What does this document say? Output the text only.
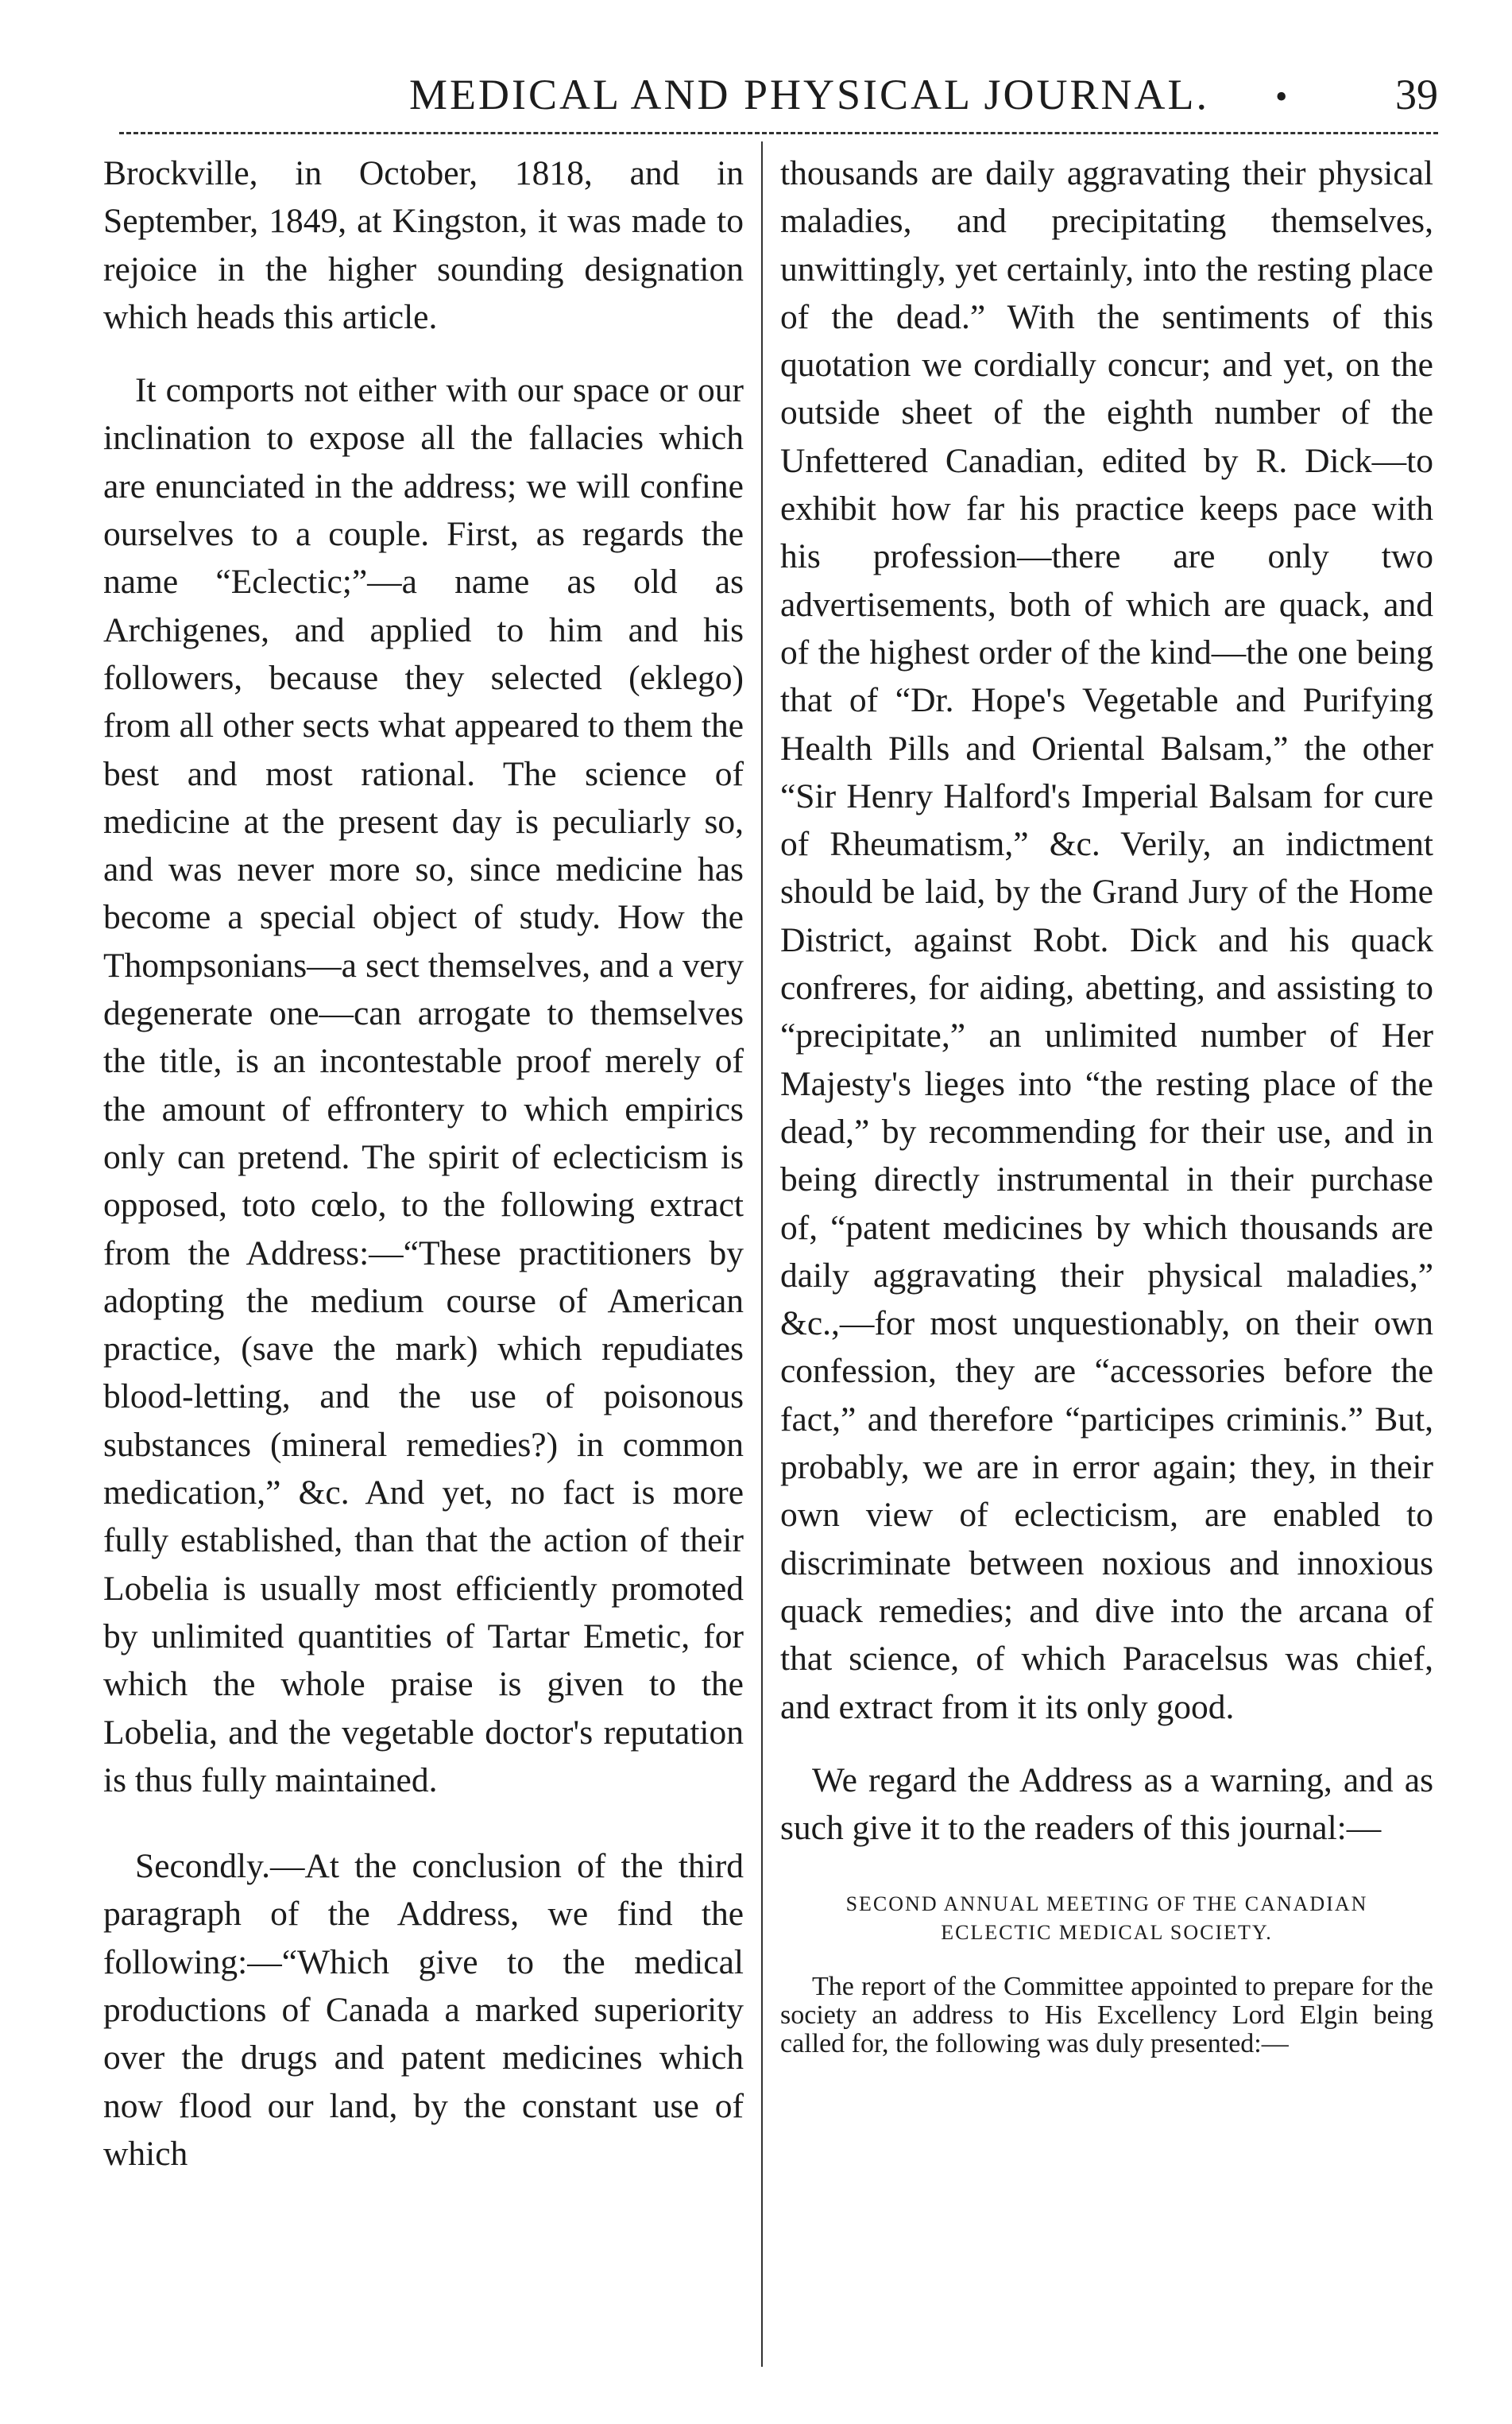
MEDICAL AND PHYSICAL JOURNAL. •	39

Brockville, in October, 1818, and in September, 1849, at Kingston, it was made to rejoice in the higher sounding designation which heads this article.

It comports not either with our space or our inclination to expose all the fallacies which are enunciated in the address; we will confine ourselves to a couple. First, as regards the name “Eclectic;”—a name as old as Archigenes, and applied to him and his followers, because they selected (eklego) from all other sects what appeared to them the best and most rational. The science of medicine at the present day is peculiarly so, and was never more so, since medicine has become a special object of study. How the Thompsonians—a sect themselves, and a very degenerate one—can arrogate to themselves the title, is an incontestable proof merely of the amount of effrontery to which empirics only can pretend. The spirit of eclecticism is opposed, toto cœlo, to the following extract from the Address:—“These practitioners by adopting the medium course of American practice, (save the mark) which repudiates blood-letting, and the use of poisonous substances (mineral remedies?) in common medication,” &c. And yet, no fact is more fully established, than that the action of their Lobelia is usually most efficiently promoted by unlimited quantities of Tartar Emetic, for which the whole praise is given to the Lobelia, and the vegetable doctor's reputation is thus fully maintained.

Secondly.—At the conclusion of the third paragraph of the Address, we find the following:—“Which give to the medical productions of Canada a marked superiority over the drugs and patent medicines which now flood our land, by the constant use of which

thousands are daily aggravating their physical maladies, and precipitating themselves, unwittingly, yet certainly, into the resting place of the dead.” With the sentiments of this quotation we cordially concur; and yet, on the outside sheet of the eighth number of the Unfettered Canadian, edited by R. Dick—to exhibit how far his practice keeps pace with his profession—there are only two advertisements, both of which are quack, and of the highest order of the kind—the one being that of “Dr. Hope's Vegetable and Purifying Health Pills and Oriental Balsam,” the other “Sir Henry Halford's Imperial Balsam for cure of Rheumatism,” &c. Verily, an indictment should be laid, by the Grand Jury of the Home District, against Robt. Dick and his quack confreres, for aiding, abetting, and assisting to “precipitate,” an unlimited number of Her Majesty's lieges into “the resting place of the dead,” by recommending for their use, and in being directly instrumental in their purchase of, “patent medicines by which thousands are daily aggravating their physical maladies,” &c.,—for most unquestionably, on their own confession, they are “accessories before the fact,” and therefore “participes criminis.” But, probably, we are in error again; they, in their own view of eclecticism, are enabled to discriminate between noxious and innoxious quack remedies; and dive into the arcana of that science, of which Paracelsus was chief, and extract from it its only good.

We regard the Address as a warning, and as such give it to the readers of this journal:—

SECOND ANNUAL MEETING OF THE CANADIAN

ECLECTIC MEDICAL SOCIETY.

The report of the Committee appointed to prepare for the society an address to His Excellency Lord Elgin being called for, the following was duly presented:—
